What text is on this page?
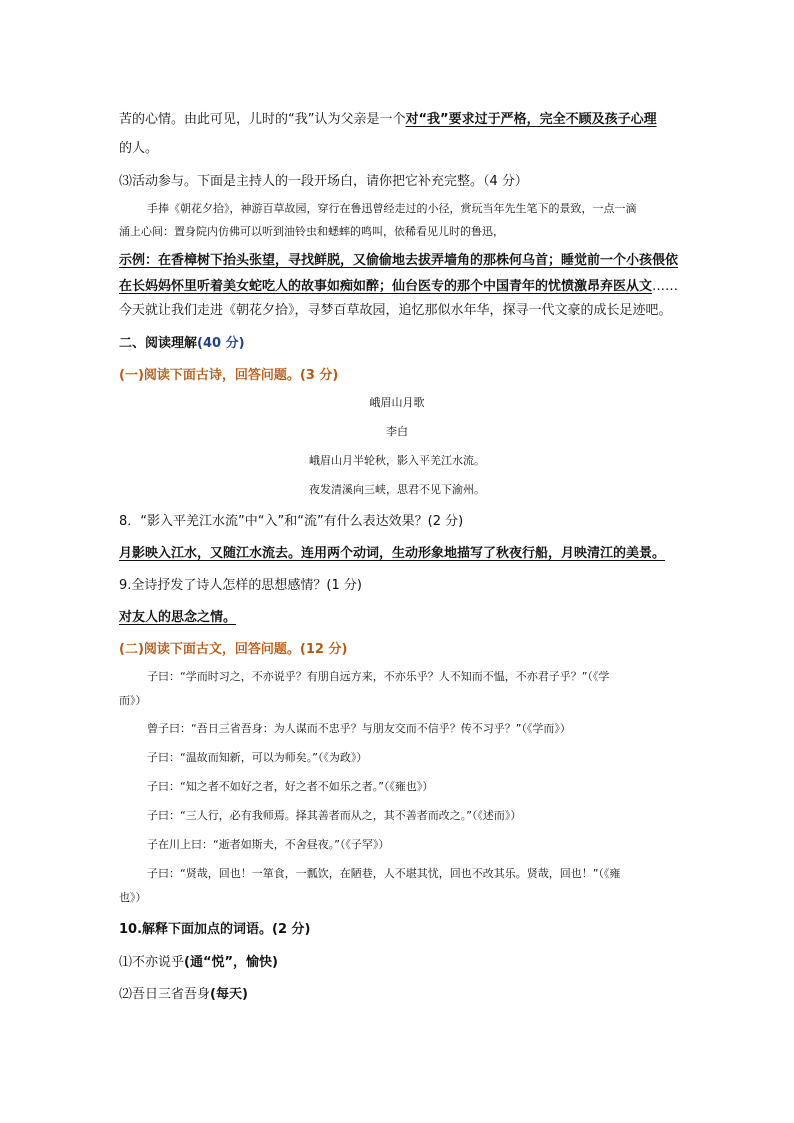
苦的心情。由此可见，儿时的“我”认为父亲是一个对“我”要求过于严格，完全不顾及孩子心理
的人。
⑶活动参与。下面是主持人的一段开场白，请你把它补充完整。（4 分）
手捧《朝花夕拾》，神游百草故园，穿行在鲁迅曾经走过的小径，赏玩当年先生笔下的景致，一点一滴
涌上心间：置身院内仿佛可以听到油铃虫和蟋蟀的鸣叫，依稀看见儿时的鲁迅，
示例：在香樟树下抬头张望，寻找鲜脱，又偷偷地去拔弄墙角的那株何乌首；睡觉前一个小孩偎依
在长妈妈怀里听着美女蛇吃人的故事如痴如醉；仙台医专的那个中国青年的忧愤激昂弃医从文……
今天就让我们走进《朝花夕拾》，寻梦百草故园，追忆那似水年华，探寻一代文豪的成长足迹吧。
二、阅读理解(40 分)
(一)阅读下面古诗，回答问题。(3 分)
峨眉山月歌
李白
峨眉山月半轮秋，影入平羌江水流。
夜发清溪向三峡，思君不见下渝州。
8．“影入平羌江水流”中“入”和“流”有什么表达效果？(2 分)
月影映入江水，又随江水流去。连用两个动词，生动形象地描写了秋夜行船，月映清江的美景。
9.全诗抒发了诗人怎样的思想感情？(1 分)
对友人的思念之情。
(二)阅读下面古文，回答问题。(12 分)
子曰：“学而时习之，不亦说乎？有朋自远方来，不亦乐乎？人不知而不愠，不亦君子乎？”（《学
而》）
曾子曰：“吾日三省吾身：为人谋而不忠乎？与朋友交而不信乎？传不习乎？”（《学而》）
子曰：“温故而知新，可以为师矣。”（《为政》）
子曰：“知之者不如好之者，好之者不如乐之者。”（《雍也》）
子曰：“三人行，必有我师焉。择其善者而从之，其不善者而改之。”（《述而》）
子在川上曰：“逝者如斯夫，不舍昼夜。”（《子罕》）
子曰：“贤哉，回也！一箪食，一瓢饮，在陋巷，人不堪其忧，回也不改其乐。贤哉，回也！”（《雍
也》）
10.解释下面加点的词语。(2 分)
⑴不亦说乎(通“悦”，愉快)
⑵吾日三省吾身(每天)
